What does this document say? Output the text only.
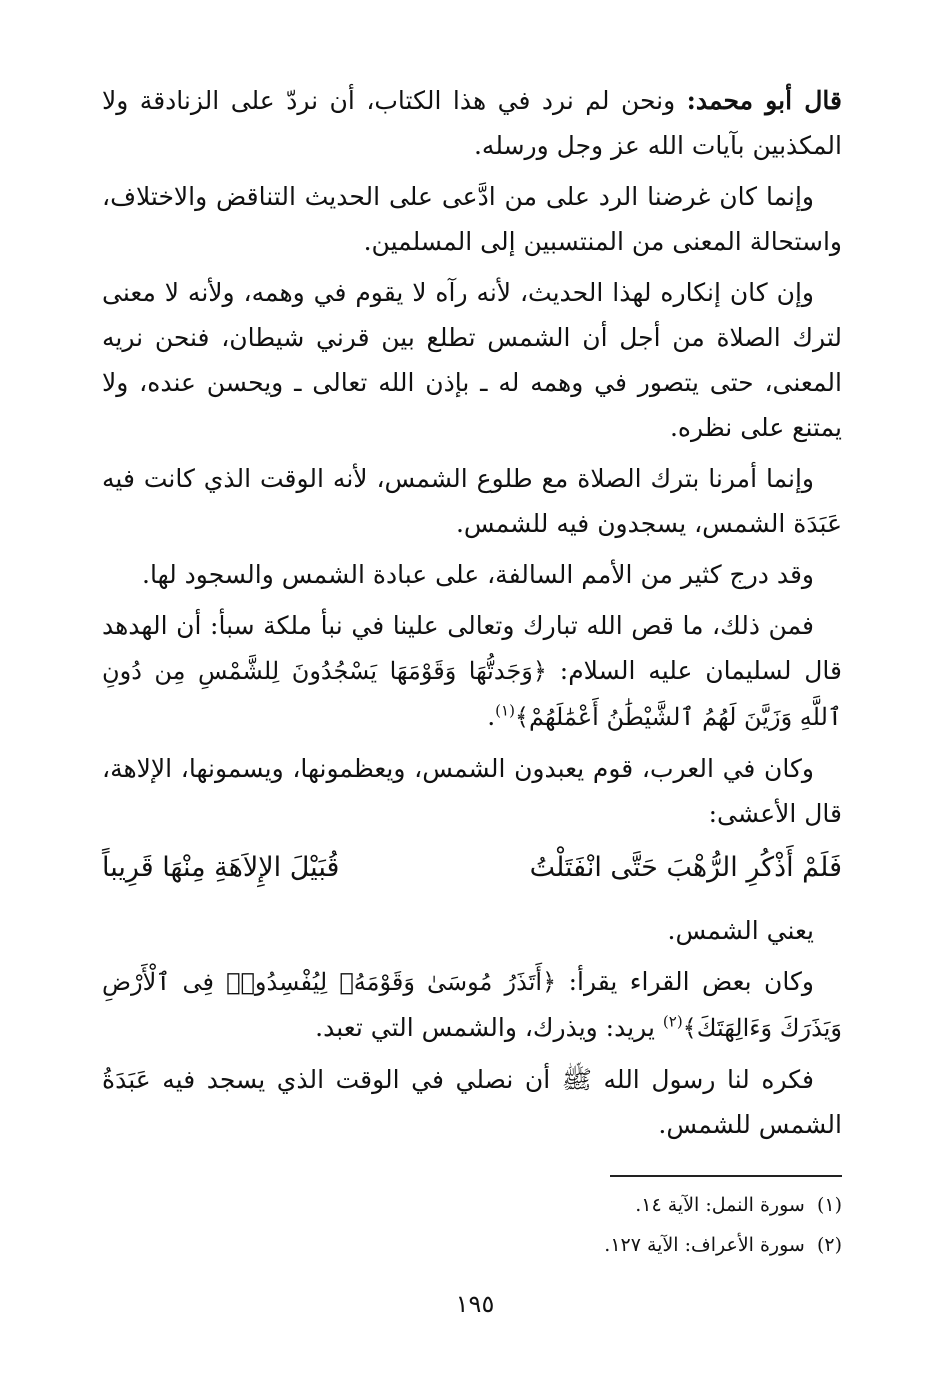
قال أبو محمد: ونحن لم نرد في هذا الكتاب، أن نردّ على الزنادقة ولا المكذبين بآيات الله عز وجل ورسله.

وإنما كان غرضنا الرد على من ادَّعى على الحديث التناقض والاختلاف، واستحالة المعنى من المنتسبين إلى المسلمين.

وإن كان إنكاره لهذا الحديث، لأنه رآه لا يقوم في وهمه، ولأنه لا معنى لترك الصلاة من أجل أن الشمس تطلع بين قرني شيطان، فنحن نريه المعنى، حتى يتصور في وهمه له ـ بإذن الله تعالى ـ ويحسن عنده، ولا يمتنع على نظره.

وإنما أمرنا بترك الصلاة مع طلوع الشمس، لأنه الوقت الذي كانت فيه عَبَدَة الشمس، يسجدون فيه للشمس.

وقد درج كثير من الأمم السالفة، على عبادة الشمس والسجود لها.

فمن ذلك، ما قص الله تبارك وتعالى علينا في نبأ ملكة سبأ: أن الهدهد قال لسليمان عليه السلام: ﴿وَجَدتُّهَا وَقَوْمَهَا يَسْجُدُونَ لِلشَّمْسِ مِن دُونِ ٱللَّهِ وَزَيَّنَ لَهُمُ ٱلشَّيْطَٰنُ أَعْمَٰلَهُمْ﴾$^{(١)}$.

وكان في العرب، قوم يعبدون الشمس، ويعظمونها، ويسمونها، الإلاهة، قال الأعشى:

فَلَمْ أَذْكُرِ الرُّهْبَ حَتَّى انْفَتَلْتُ
قُبَيْلَ الإِلاَهَةِ مِنْهَا قَرِيباً

يعني الشمس.

وكان بعض القراء يقرأ: ﴿أَتَذَرُ مُوسَىٰ وَقَوْمَهُۥ لِيُفْسِدُوا۟ فِى ٱلْأَرْضِ وَيَذَرَكَ وَءَالِهَتَكَ﴾$^{(٢)}$ يريد: ويذرك، والشمس التي تعبد.

فكره لنا رسول الله ﷺ أن نصلي في الوقت الذي يسجد فيه عَبَدَةُ الشمس للشمس.

(١)  سورة النمل: الآية ١٤.

(٢)  سورة الأعراف: الآية ١٢٧.

١٩٥
